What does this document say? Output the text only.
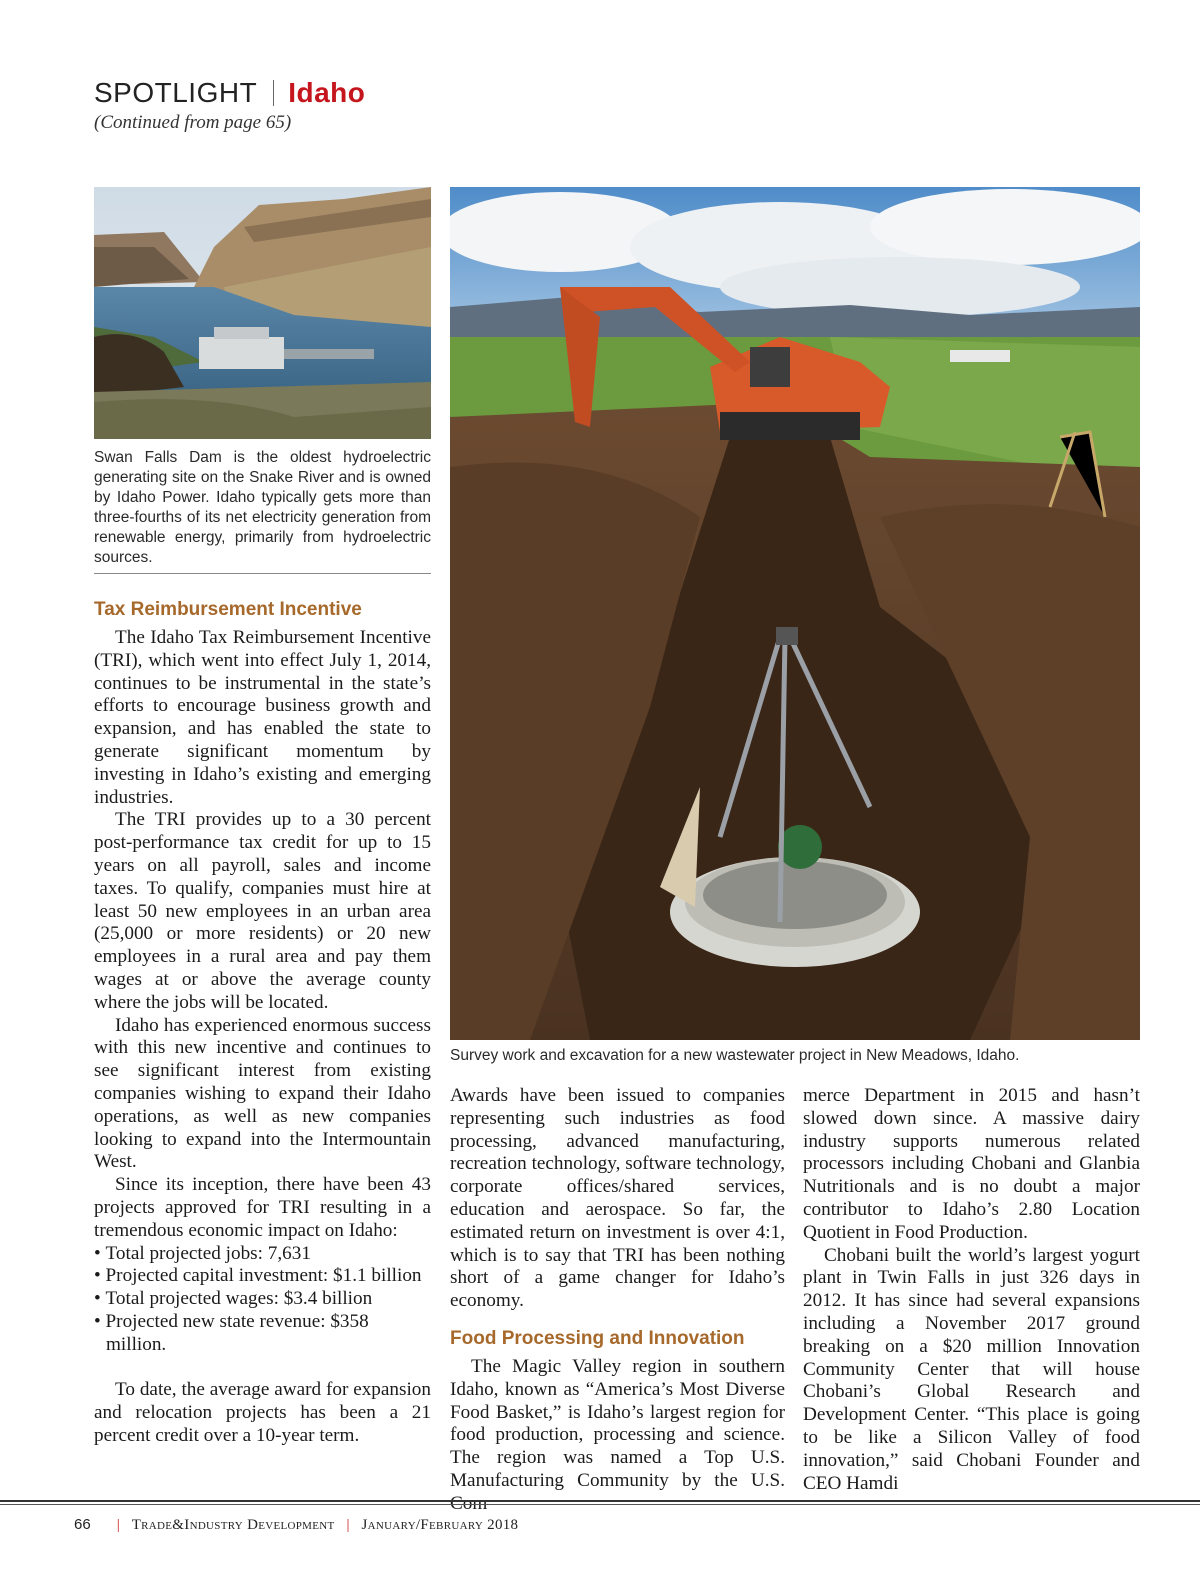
SPOTLIGHT Idaho
(Continued from page 65)
Swan Falls Dam is the oldest hydroelectric generating site on the Snake River and is owned by Idaho Power. Idaho typically gets more than three-fourths of its net electricity generation from renewable energy, primarily from hydroelectric sources.
Survey work and excavation for a new wastewater project in New Meadows, Idaho.
Tax Reimbursement Incentive

The Idaho Tax Reimbursement Incentive (TRI), which went into effect July 1, 2014, continues to be instrumental in the state’s efforts to encourage business growth and expansion, and has enabled the state to generate significant momentum by investing in Idaho’s existing and emerging industries.

The TRI provides up to a 30 percent post-performance tax credit for up to 15 years on all payroll, sales and income taxes. To qualify, companies must hire at least 50 new employees in an urban area (25,000 or more residents) or 20 new employees in a rural area and pay them wages at or above the average county where the jobs will be located.

Idaho has experienced enormous success with this new incentive and continues to see significant interest from existing companies wishing to expand their Idaho operations, as well as new companies looking to expand into the Intermountain West.

Since its inception, there have been 43 projects approved for TRI resulting in a tremendous economic impact on Idaho:

• Total projected jobs: 7,631
• Projected capital investment: $1.1 billion
• Total projected wages: $3.4 billion
• Projected new state revenue: $358 million.

To date, the average award for expansion and relocation projects has been a 21 percent credit over a 10-year term.

Awards have been issued to companies representing such industries as food processing, advanced manufacturing, recreation technology, software technology, corporate offices/shared services, education and aerospace. So far, the estimated return on investment is over 4:1, which is to say that TRI has been nothing short of a game changer for Idaho’s economy.

Food Processing and Innovation

The Magic Valley region in southern Idaho, known as “America’s Most Diverse Food Basket,” is Idaho’s largest region for food production, processing and science. The region was named a Top U.S. Manufacturing Community by the U.S.

merce Department in 2015 and hasn’t slowed down since. A massive dairy industry supports numerous related processors including Chobani and Glanbia Nutritionals and is no doubt a major contributor to Idaho’s 2.80 Location Quotient in Food Production.

Chobani built the world’s largest yogurt plant in Twin Falls in just 326 days in 2012. It has since had several expansions including a November 2017 ground breaking on a $20 million Innovation Community Center that will house Chobani’s Global Research and Development Center. “This place is going to be like a Silicon Valley of food innovation,” said Chobani Founder and CEO Hamdi

66 | Trade&Industry Development | January/February 2018
